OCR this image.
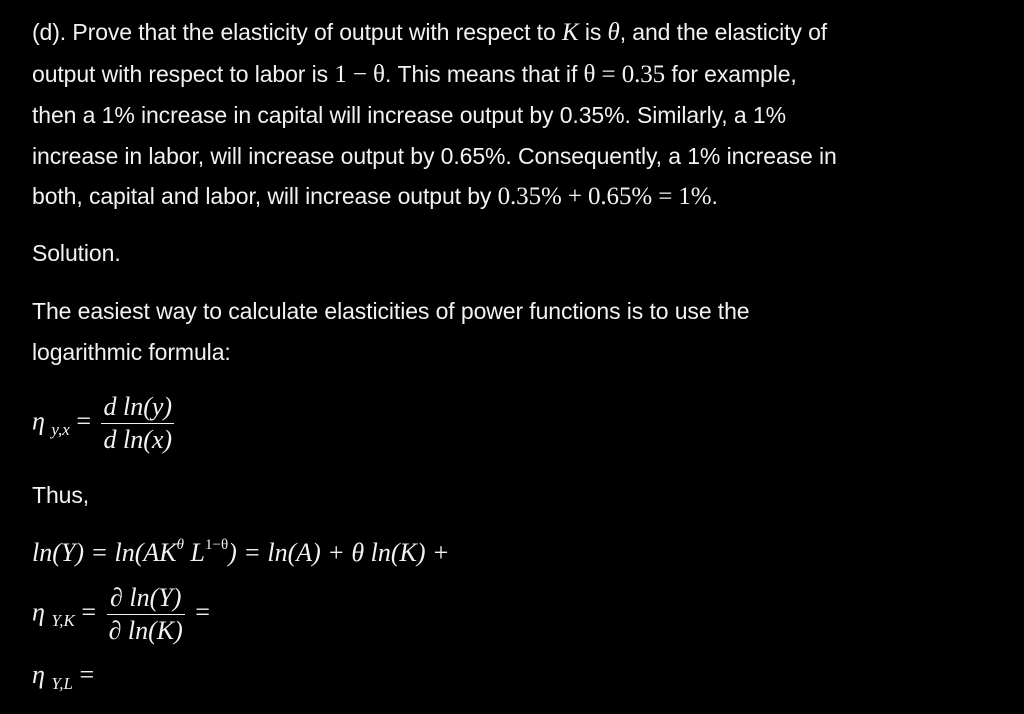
(d). Prove that the elasticity of output with respect to K is θ, and the elasticity of
output with respect to labor is 1 − θ. This means that if θ = 0.35 for example,
then a 1% increase in capital will increase output by 0.35%. Similarly, a 1%
increase in labor, will increase output by 0.65%. Consequently, a 1% increase in
both, capital and labor, will increase output by 0.35% + 0.65% = 1%.
Solution.
The easiest way to calculate elasticities of power functions is to use the
logarithmic formula:
η $_{y,x} = \frac{\text{d ln(y)}}{\text{d ln(x)}}$
Thus,
$\ln(Y) = \ln(AK^\theta$ $L^{1-\theta}) = \ln(A) + \theta$ ln(K) +
η $_{Y,K} = \frac{\partial \ln(Y)}{\partial \ln(K)}$ =
η $_{Y,L}$ =
